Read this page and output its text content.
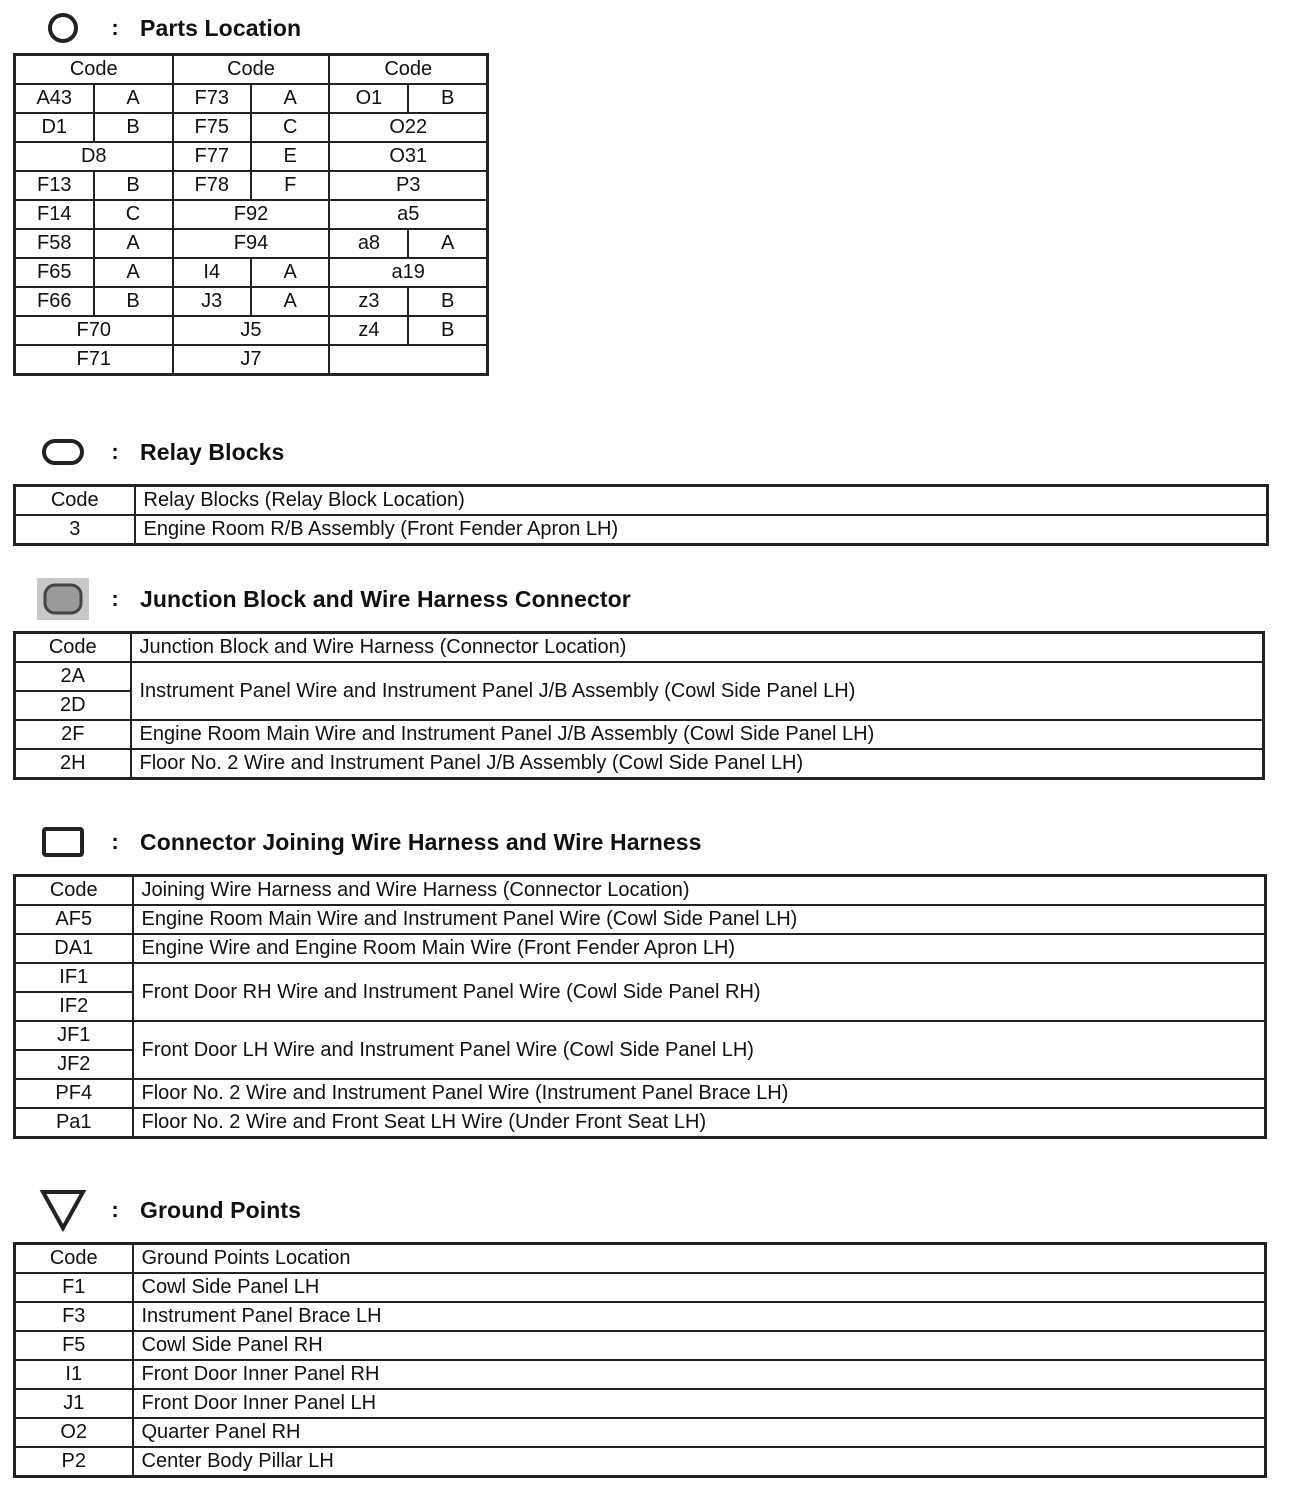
: Parts Location
Code		Code		Code	
A43	A	F73	A	O1	B
D1	B	F75	C	O22	
D8		F77	E	O31	
F13	B	F78	F	P3	
F14	C	F92		a5	
F58	A	F94		a8	A
F65	A	I4	A	a19	
F66	B	J3	A	z3	B
F70		J5		z4	B
F71		J7			
: Relay Blocks
Code	Relay Blocks (Relay Block Location)
3	Engine Room R/B Assembly (Front Fender Apron LH)
: Junction Block and Wire Harness Connector
Code	Junction Block and Wire Harness (Connector Location)
2A	Instrument Panel Wire and Instrument Panel J/B Assembly (Cowl Side Panel LH)
2D	
2F	Engine Room Main Wire and Instrument Panel J/B Assembly (Cowl Side Panel LH)
2H	Floor No. 2 Wire and Instrument Panel J/B Assembly (Cowl Side Panel LH)
: Connector Joining Wire Harness and Wire Harness
Code	Joining Wire Harness and Wire Harness (Connector Location)
AF5	Engine Room Main Wire and Instrument Panel Wire (Cowl Side Panel LH)
DA1	Engine Wire and Engine Room Main Wire (Front Fender Apron LH)
IF1	Front Door RH Wire and Instrument Panel Wire (Cowl Side Panel RH)
IF2	
JF1	Front Door LH Wire and Instrument Panel Wire (Cowl Side Panel LH)
JF2	
PF4	Floor No. 2 Wire and Instrument Panel Wire (Instrument Panel Brace LH)
Pa1	Floor No. 2 Wire and Front Seat LH Wire (Under Front Seat LH)
: Ground Points
Code	Ground Points Location
F1	Cowl Side Panel LH
F3	Instrument Panel Brace LH
F5	Cowl Side Panel RH
I1	Front Door Inner Panel RH
J1	Front Door Inner Panel LH
O2	Quarter Panel RH
P2	Center Body Pillar LH
